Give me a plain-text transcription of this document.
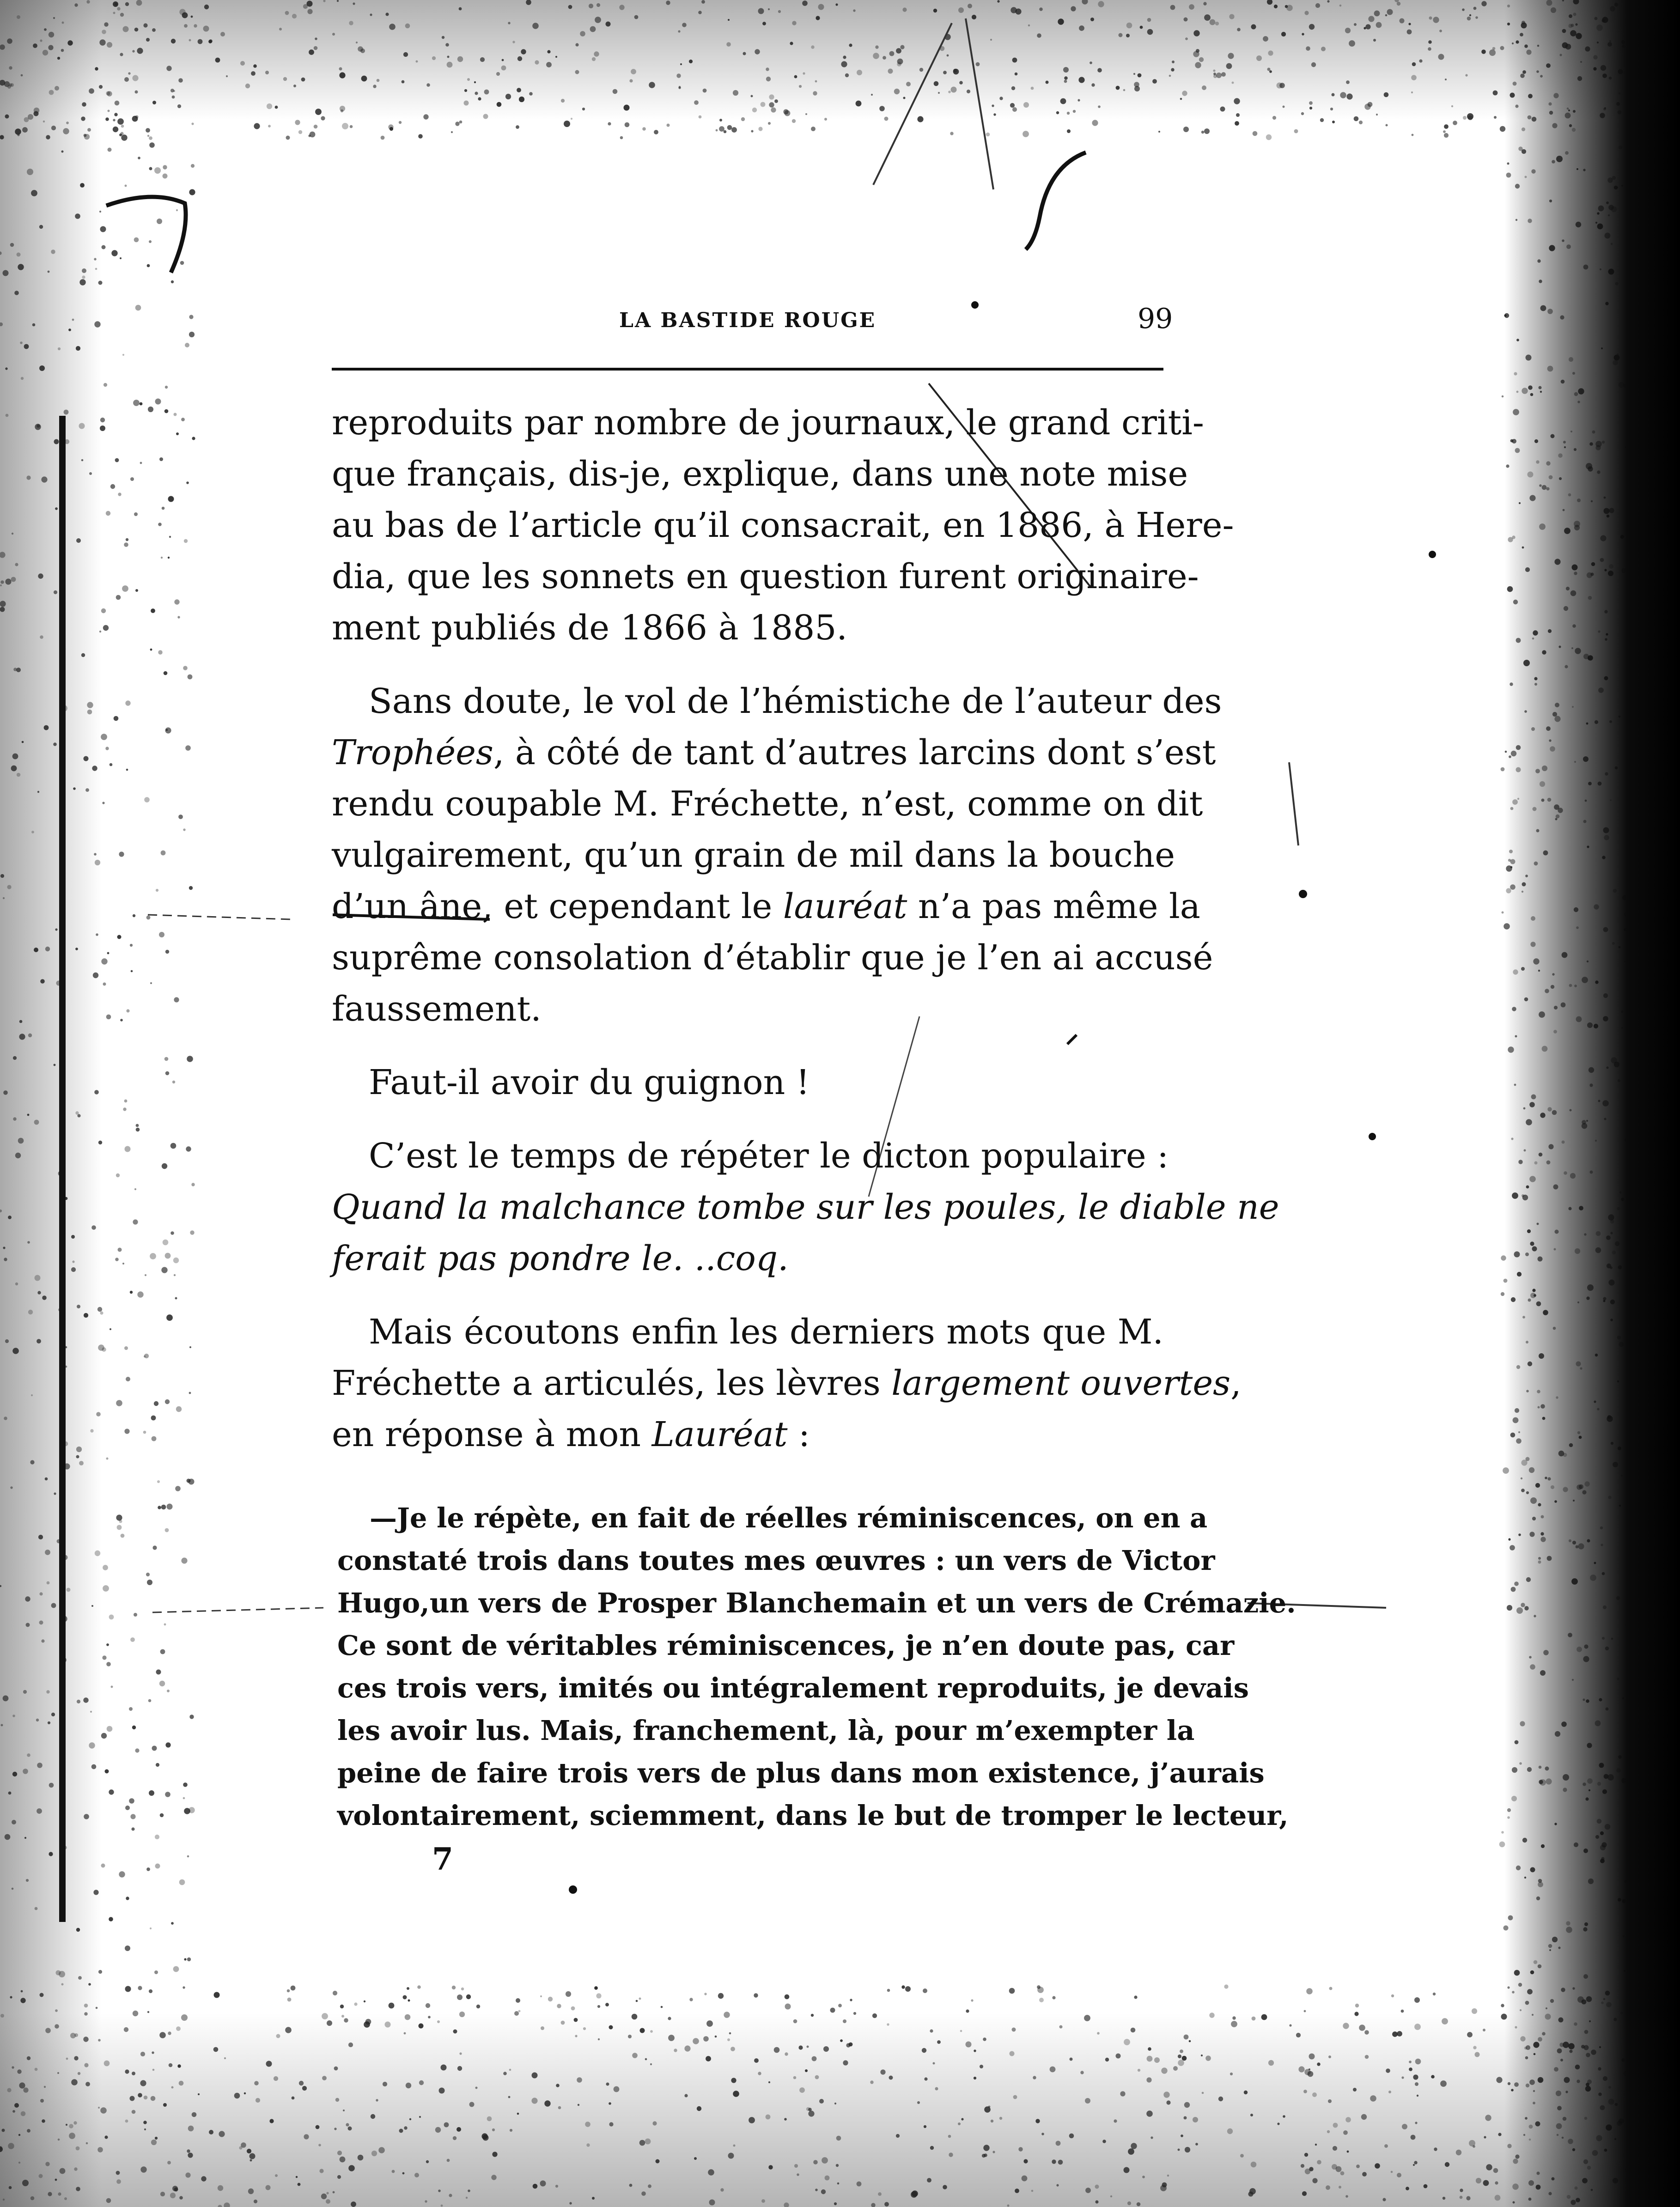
LA BASTIDE ROUGE	99

reproduits par nombre de journaux, le grand criti-
que français, dis-je, explique, dans une note mise
au bas de l’article qu’il consacrait, en 1886, à Here-
dia, que les sonnets en question furent originaire-
ment publiés de 1866 à 1885.

Sans doute, le vol de l’hémistiche de l’auteur des
Trophées, à côté de tant d’autres larcins dont s’est
rendu coupable M. Fréchette, n’est, comme on dit
vulgairement, qu’un grain de mil dans la bouche
d’un âne, et cependant le lauréat n’a pas même la
suprême consolation d’établir que je l’en ai accusé
faussement.

Faut-il avoir du guignon !

C’est le temps de répéter le dicton populaire :
Quand la malchance tombe sur les poules, le diable ne
ferait pas pondre le. ..coq.

Mais écoutons enfin les derniers mots que M.
Fréchette a articulés, les lèvres largement ouvertes,
en réponse à mon Lauréat :

—Je le répète, en fait de réelles réminiscences, on en a
constaté trois dans toutes mes œuvres : un vers de Victor
Hugo,un vers de Prosper Blanchemain et un vers de Crémazie.
Ce sont de véritables réminiscences, je n’en doute pas, car
ces trois vers, imités ou intégralement reproduits, je devais
les avoir lus. Mais, franchement, là, pour m’exempter la
peine de faire trois vers de plus dans mon existence, j’aurais
volontairement, sciemment, dans le but de tromper le lecteur,
7
